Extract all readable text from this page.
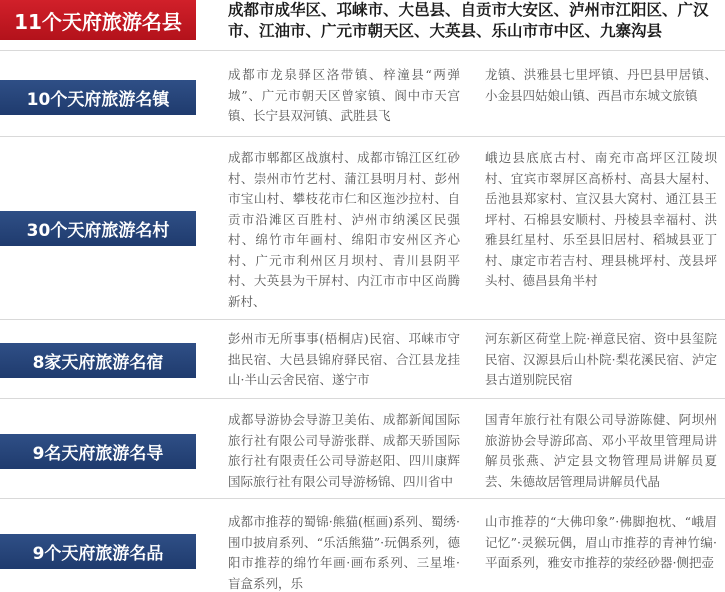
11个天府旅游名县	成都市成华区、邛崃市、大邑县、自贡市大安区、泸州市江阳区、广汉市、江油市、广元市朝天区、大英县、乐山市市中区、九寨沟县
10个天府旅游名镇
成都市龙泉驿区洛带镇、梓潼县“两弹城”、广元市朝天区曾家镇、阆中市天宫镇、长宁县双河镇、武胜县飞
龙镇、洪雅县七里坪镇、丹巴县甲居镇、小金县四姑娘山镇、西昌市东城文旅镇
30个天府旅游名村
成都市郫都区战旗村、成都市锦江区红砂村、崇州市竹艺村、蒲江县明月村、彭州市宝山村、攀枝花市仁和区迤沙拉村、自贡市沿滩区百胜村、泸州市纳溪区民强村、绵竹市年画村、绵阳市安州区齐心村、广元市利州区月坝村、青川县阴平村、大英县为干屏村、内江市市中区尚腾新村、
峨边县底底古村、南充市高坪区江陵坝村、宜宾市翠屏区高桥村、高县大屋村、岳池县郑家村、宣汉县大窝村、通江县王坪村、石棉县安顺村、丹棱县幸福村、洪雅县红星村、乐至县旧居村、稻城县亚丁村、康定市若吉村、理县桃坪村、茂县坪头村、德昌县角半村
8家天府旅游名宿
彭州市无所事事(梧桐店)民宿、邛崃市守拙民宿、大邑县锦府驿民宿、合江县龙挂山·半山云舍民宿、遂宁市
河东新区荷堂上院·禅意民宿、资中县玺院民宿、汉源县后山朴院·梨花溪民宿、泸定县古道别院民宿
9名天府旅游名导
成都导游协会导游卫美佑、成都新闻国际旅行社有限公司导游张群、成都天骄国际旅行社有限责任公司导游赵阳、四川康辉国际旅行社有限公司导游杨锦、四川省中
国青年旅行社有限公司导游陈健、阿坝州旅游协会导游邱高、邓小平故里管理局讲解员张燕、泸定县文物管理局讲解员夏芸、朱德故居管理局讲解员代晶
9个天府旅游名品
成都市推荐的蜀锦·熊猫(框画)系列、蜀绣·围巾披肩系列、“乐活熊猫”·玩偶系列，德阳市推荐的绵竹年画·画布系列、三星堆·盲盒系列，乐
山市推荐的“大佛印象”·佛脚抱枕、“峨眉记忆”·灵猴玩偶，眉山市推荐的青神竹编·平面系列，雅安市推荐的荥经砂器·侧把壶
